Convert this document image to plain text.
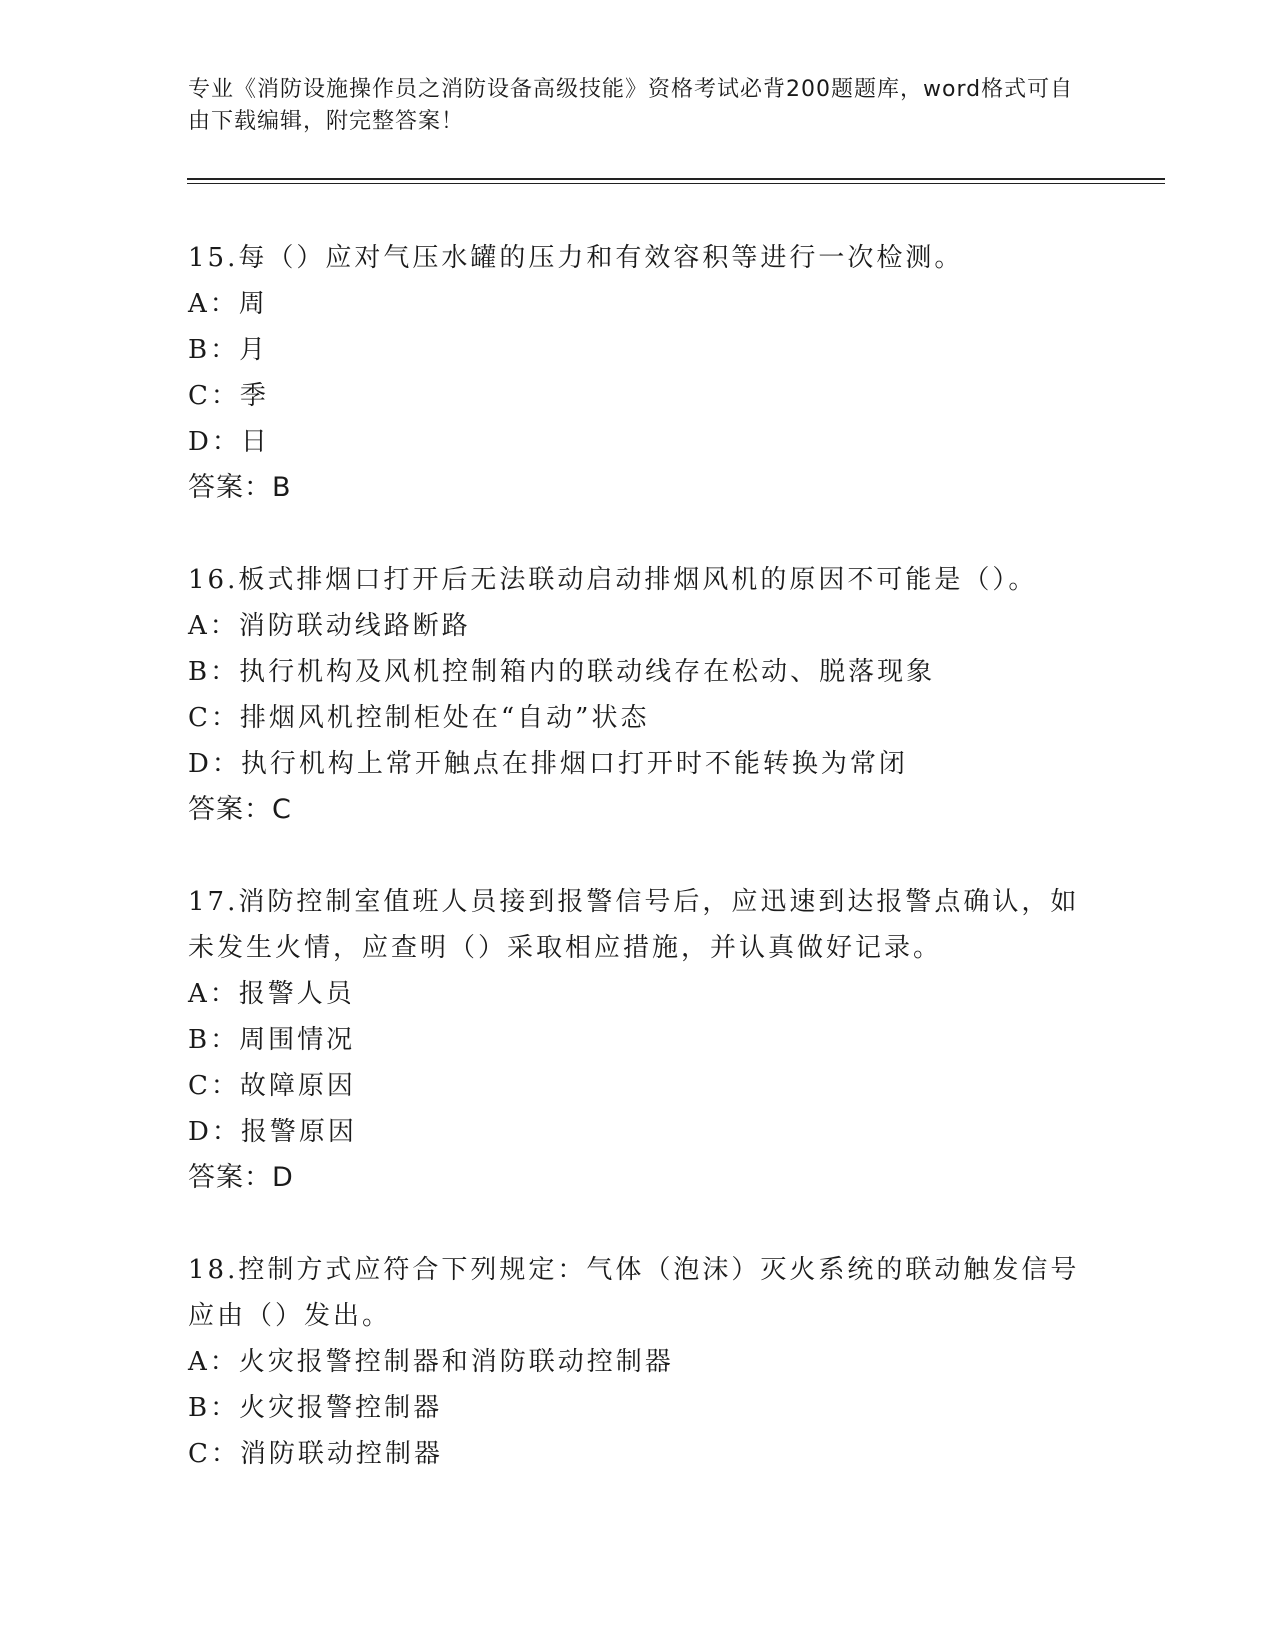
专业《消防设施操作员之消防设备高级技能》资格考试必背200题题库，word格式可自由下载编辑，附完整答案！
15.每（）应对气压水罐的压力和有效容积等进行一次检测。
A：周
B：月
C：季
D：日
答案：B
16.板式排烟口打开后无法联动启动排烟风机的原因不可能是（）。
A：消防联动线路断路
B：执行机构及风机控制箱内的联动线存在松动、脱落现象
C：排烟风机控制柜处在“自动”状态
D：执行机构上常开触点在排烟口打开时不能转换为常闭
答案：C
17.消防控制室值班人员接到报警信号后，应迅速到达报警点确认，如未发生火情，应查明（）采取相应措施，并认真做好记录。
A：报警人员
B：周围情况
C：故障原因
D：报警原因
答案：D
18.控制方式应符合下列规定：气体（泡沫）灭火系统的联动触发信号应由（）发出。
A：火灾报警控制器和消防联动控制器
B：火灾报警控制器
C：消防联动控制器
